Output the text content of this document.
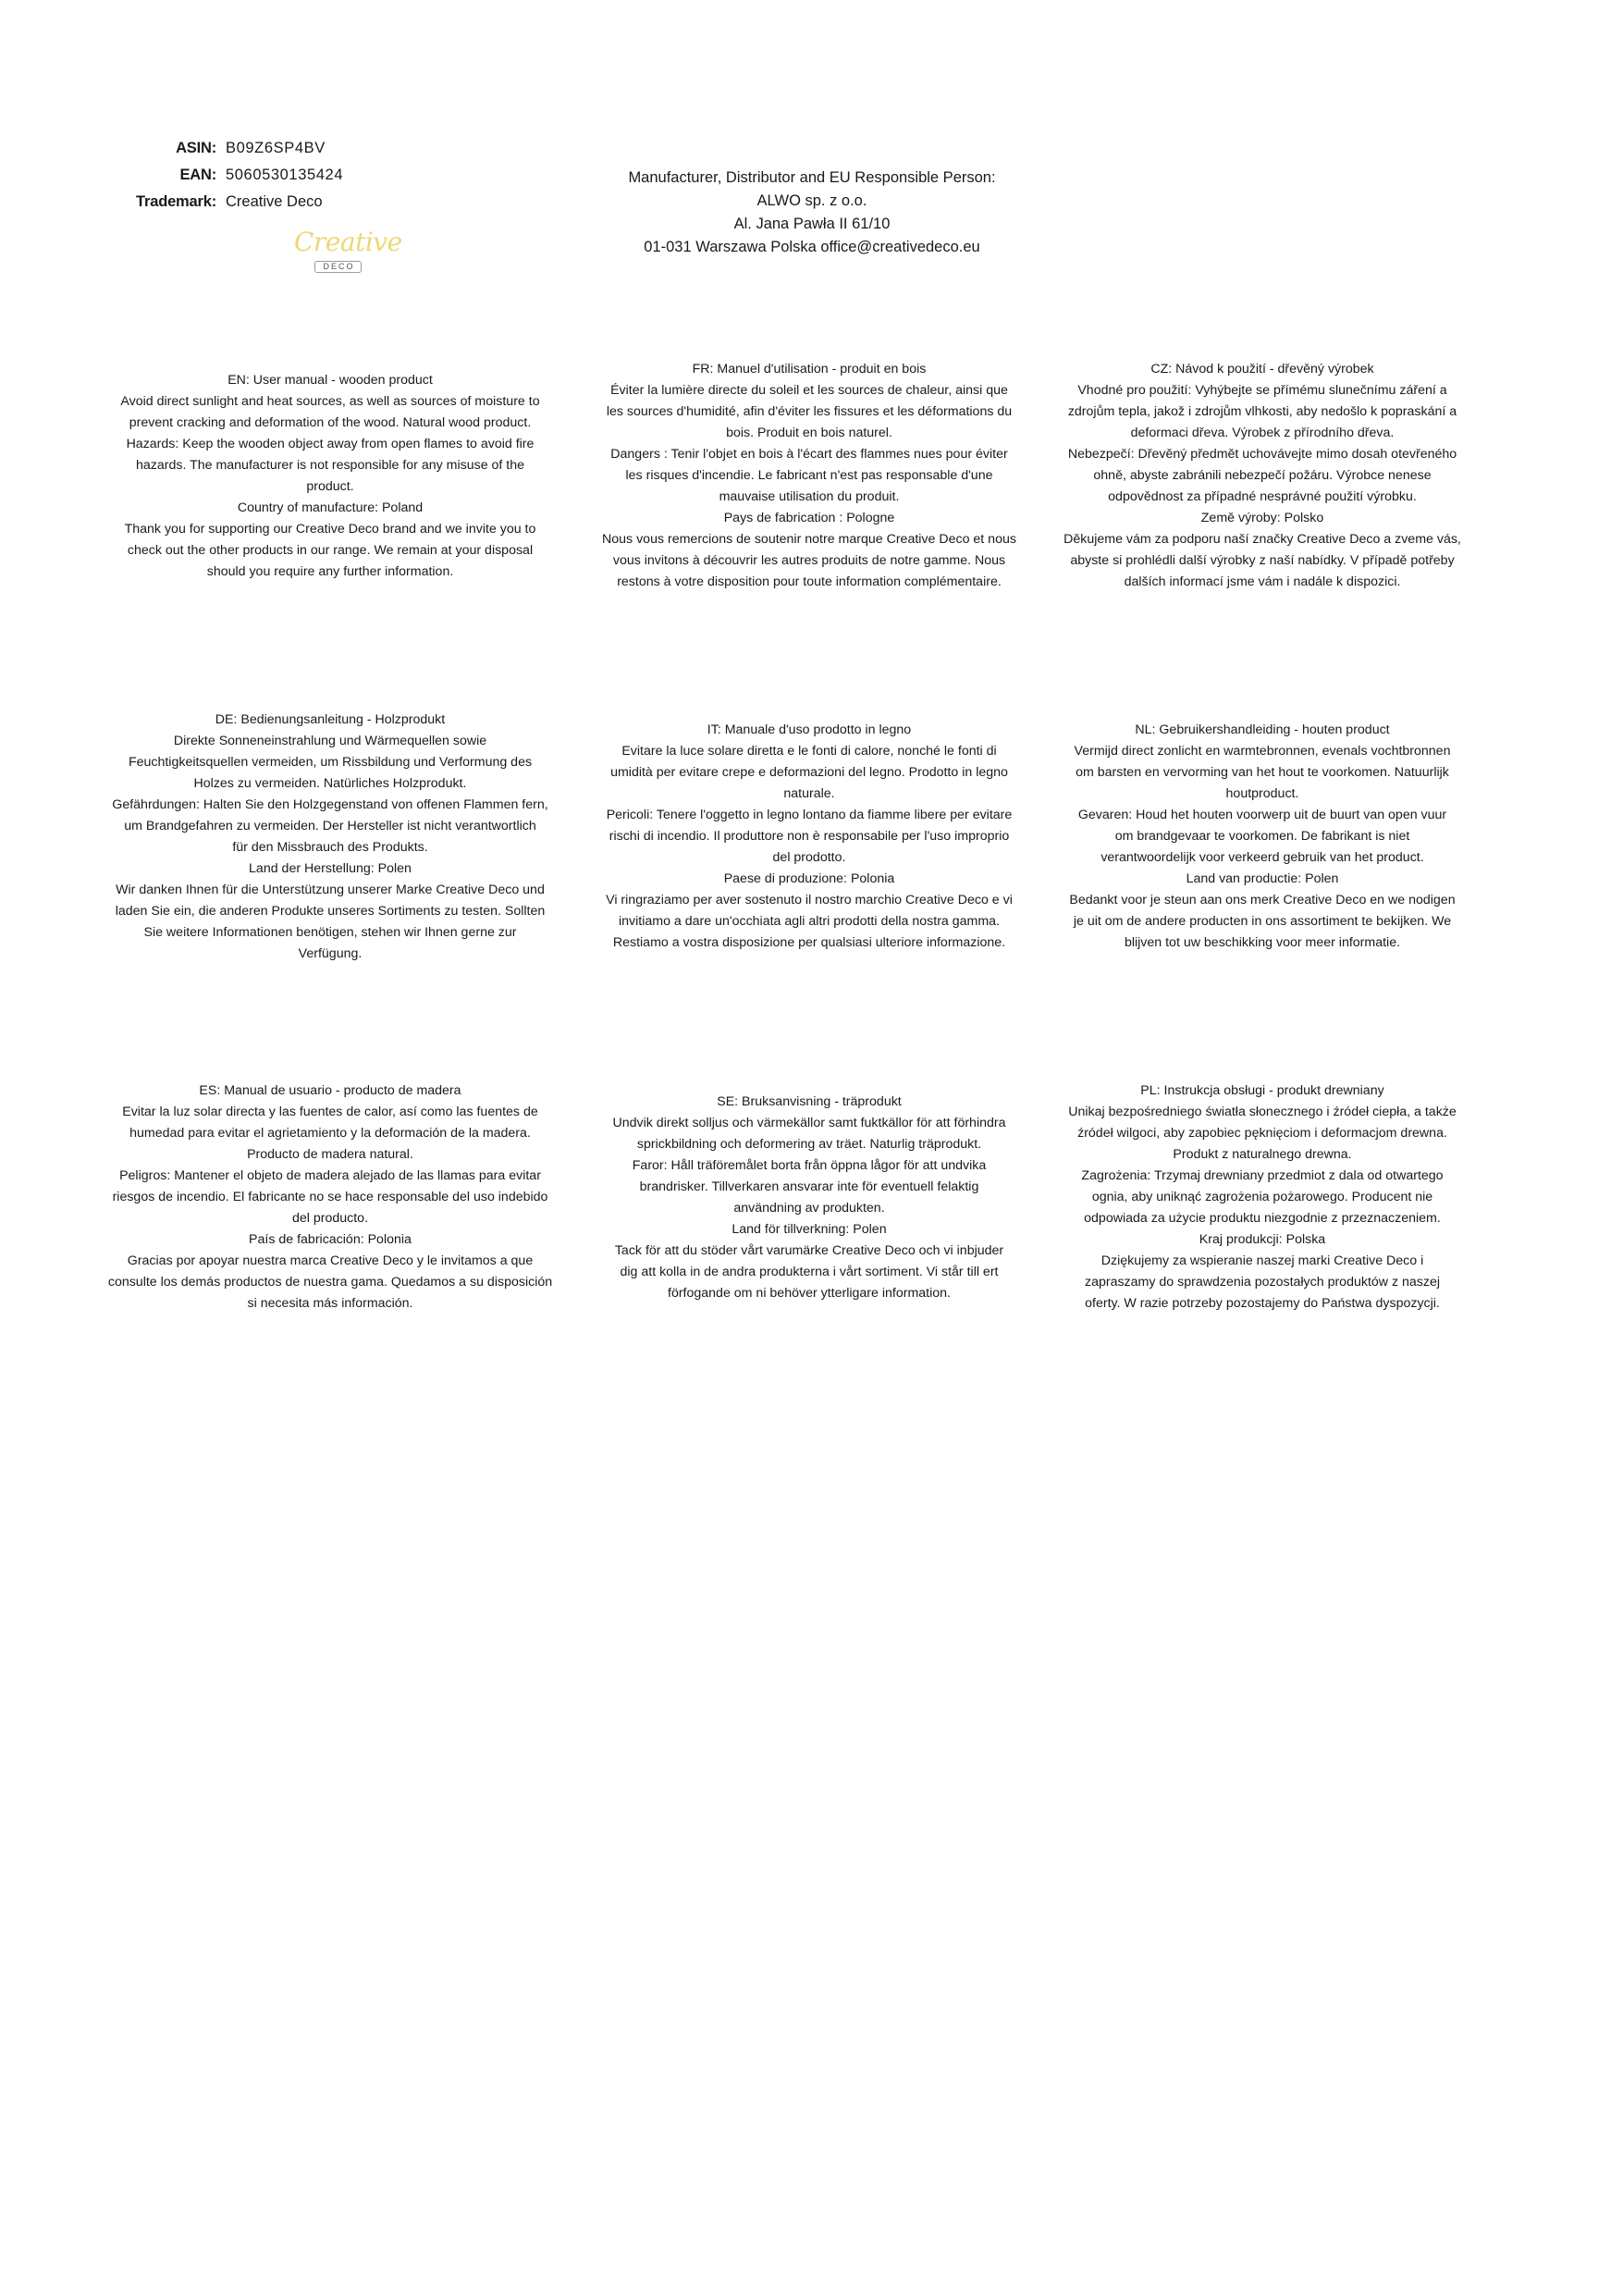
ASIN: B09Z6SP4BV
EAN: 5060530135424
Trademark: Creative Deco
Creative
DECO
Manufacturer, Distributor and EU Responsible Person:
ALWO sp. z o.o.
Al. Jana Pawła II 61/10
01-031 Warszawa Polska office@creativedeco.eu
EN: User manual - wooden product
Avoid direct sunlight and heat sources, as well as sources of moisture to
prevent cracking and deformation of the wood. Natural wood product.
Hazards: Keep the wooden object away from open flames to avoid fire
hazards. The manufacturer is not responsible for any misuse of the
product.
Country of manufacture: Poland
Thank you for supporting our Creative Deco brand and we invite you to
check out the other products in our range. We remain at your disposal
should you require any further information.
FR: Manuel d'utilisation - produit en bois
Éviter la lumière directe du soleil et les sources de chaleur, ainsi que
les sources d'humidité, afin d'éviter les fissures et les déformations du
bois. Produit en bois naturel.
Dangers : Tenir l'objet en bois à l'écart des flammes nues pour éviter
les risques d'incendie. Le fabricant n'est pas responsable d'une
mauvaise utilisation du produit.
Pays de fabrication : Pologne
Nous vous remercions de soutenir notre marque Creative Deco et nous
vous invitons à découvrir les autres produits de notre gamme. Nous
restons à votre disposition pour toute information complémentaire.
CZ: Návod k použití - dřevěný výrobek
Vhodné pro použití: Vyhýbejte se přímému slunečnímu záření a
zdrojům tepla, jakož i zdrojům vlhkosti, aby nedošlo k popraskání a
deformaci dřeva. Výrobek z přírodního dřeva.
Nebezpečí: Dřevěný předmět uchovávejte mimo dosah otevřeného
ohně, abyste zabránili nebezpečí požáru. Výrobce nenese
odpovědnost za případné nesprávné použití výrobku.
Země výroby: Polsko
Děkujeme vám za podporu naší značky Creative Deco a zveme vás,
abyste si prohlédli další výrobky z naší nabídky. V případě potřeby
dalších informací jsme vám i nadále k dispozici.
DE: Bedienungsanleitung - Holzprodukt
Direkte Sonneneinstrahlung und Wärmequellen sowie
Feuchtigkeitsquellen vermeiden, um Rissbildung und Verformung des
Holzes zu vermeiden. Natürliches Holzprodukt.
Gefährdungen: Halten Sie den Holzgegenstand von offenen Flammen fern,
um Brandgefahren zu vermeiden. Der Hersteller ist nicht verantwortlich
für den Missbrauch des Produkts.
Land der Herstellung: Polen
Wir danken Ihnen für die Unterstützung unserer Marke Creative Deco und
laden Sie ein, die anderen Produkte unseres Sortiments zu testen. Sollten
Sie weitere Informationen benötigen, stehen wir Ihnen gerne zur
Verfügung.
IT: Manuale d'uso prodotto in legno
Evitare la luce solare diretta e le fonti di calore, nonché le fonti di
umidità per evitare crepe e deformazioni del legno. Prodotto in legno
naturale.
Pericoli: Tenere l'oggetto in legno lontano da fiamme libere per evitare
rischi di incendio. Il produttore non è responsabile per l'uso improprio
del prodotto.
Paese di produzione: Polonia
Vi ringraziamo per aver sostenuto il nostro marchio Creative Deco e vi
invitiamo a dare un'occhiata agli altri prodotti della nostra gamma.
Restiamo a vostra disposizione per qualsiasi ulteriore informazione.
NL: Gebruikershandleiding - houten product
Vermijd direct zonlicht en warmtebronnen, evenals vochtbronnen
om barsten en vervorming van het hout te voorkomen. Natuurlijk
houtproduct.
Gevaren: Houd het houten voorwerp uit de buurt van open vuur
om brandgevaar te voorkomen. De fabrikant is niet
verantwoordelijk voor verkeerd gebruik van het product.
Land van productie: Polen
Bedankt voor je steun aan ons merk Creative Deco en we nodigen
je uit om de andere producten in ons assortiment te bekijken. We
blijven tot uw beschikking voor meer informatie.
ES: Manual de usuario - producto de madera
Evitar la luz solar directa y las fuentes de calor, así como las fuentes de
humedad para evitar el agrietamiento y la deformación de la madera.
Producto de madera natural.
Peligros: Mantener el objeto de madera alejado de las llamas para evitar
riesgos de incendio. El fabricante no se hace responsable del uso indebido
del producto.
País de fabricación: Polonia
Gracias por apoyar nuestra marca Creative Deco y le invitamos a que
consulte los demás productos de nuestra gama. Quedamos a su disposición
si necesita más información.
SE: Bruksanvisning - träprodukt
Undvik direkt solljus och värmekällor samt fuktkällor för att förhindra
sprickbildning och deformering av träet. Naturlig träprodukt.
Faror: Håll träföremålet borta från öppna lågor för att undvika
brandrisker. Tillverkaren ansvarar inte för eventuell felaktig
användning av produkten.
Land för tillverkning: Polen
Tack för att du stöder vårt varumärke Creative Deco och vi inbjuder
dig att kolla in de andra produkterna i vårt sortiment. Vi står till ert
förfogande om ni behöver ytterligare information.
PL: Instrukcja obsługi - produkt drewniany
Unikaj bezpośredniego światła słonecznego i źródeł ciepła, a także
źródeł wilgoci, aby zapobiec pęknięciom i deformacjom drewna.
Produkt z naturalnego drewna.
Zagrożenia: Trzymaj drewniany przedmiot z dala od otwartego
ognia, aby uniknąć zagrożenia pożarowego. Producent nie
odpowiada za użycie produktu niezgodnie z przeznaczeniem.
Kraj produkcji: Polska
Dziękujemy za wspieranie naszej marki Creative Deco i
zapraszamy do sprawdzenia pozostałych produktów z naszej
oferty. W razie potrzeby pozostajemy do Państwa dyspozycji.
